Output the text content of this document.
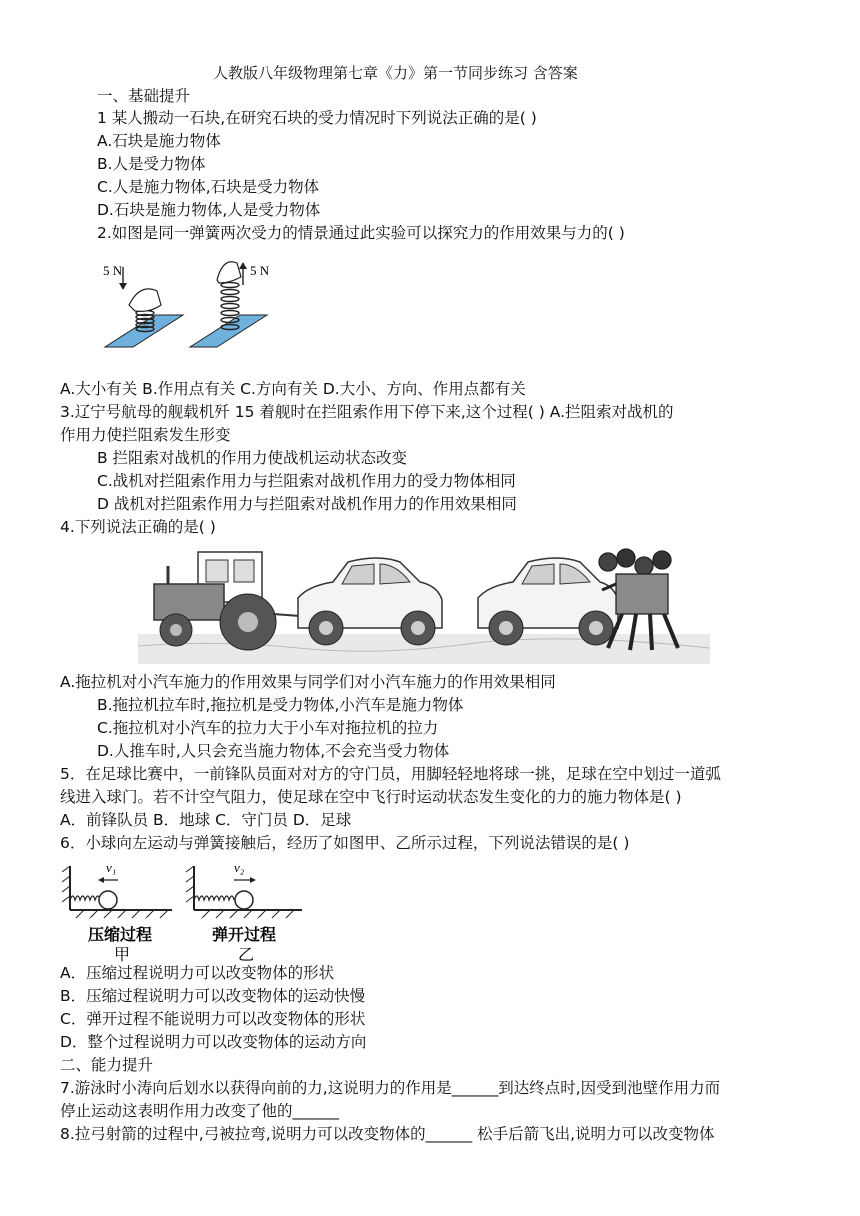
人教版八年级物理第七章《力》第一节同步练习 含答案
一、基础提升
1 某人搬动一石块,在研究石块的受力情况时下列说法正确的是( )
A.石块是施力物体
B.人是受力物体
C.人是施力物体,石块是受力物体
D.石块是施力物体,人是受力物体
2.如图是同一弹簧两次受力的情景通过此实验可以探究力的作用效果与力的( )
5 N	5 N
A.大小有关 B.作用点有关 C.方向有关 D.大小、方向、作用点都有关
3.辽宁号航母的舰载机歼 15 着舰时在拦阻索作用下停下来,这个过程( ) A.拦阻索对战机的
作用力使拦阻索发生形变
B 拦阻索对战机的作用力使战机运动状态改变
C.战机对拦阻索作用力与拦阻索对战机作用力的受力物体相同
D 战机对拦阻索作用力与拦阻索对战机作用力的作用效果相同
4.下列说法正确的是( )
A.拖拉机对小汽车施力的作用效果与同学们对小汽车施力的作用效果相同
B.拖拉机拉车时,拖拉机是受力物体,小汽车是施力物体
C.拖拉机对小汽车的拉力大于小车对拖拉机的拉力
D.人推车时,人只会充当施力物体,不会充当受力物体
5．在足球比赛中，一前锋队员面对对方的守门员，用脚轻轻地将球一挑，足球在空中划过一道弧
线进入球门。若不计空气阻力，使足球在空中飞行时运动状态发生变化的力的施力物体是( )
A．前锋队员 B．地球 C．守门员 D．足球
6．小球向左运动与弹簧接触后，经历了如图甲、乙所示过程，下列说法错误的是( )
v₁
压缩过程
甲
v₂
弹开过程
乙
A．压缩过程说明力可以改变物体的形状
B．压缩过程说明力可以改变物体的运动快慢
C．弹开过程不能说明力可以改变物体的形状
D．整个过程说明力可以改变物体的运动方向
二、能力提升
7.游泳时小涛向后划水以获得向前的力,这说明力的作用是______到达终点时,因受到池壁作用力而
停止运动这表明作用力改变了他的______
8.拉弓射箭的过程中,弓被拉弯,说明力可以改变物体的______ 松手后箭飞出,说明力可以改变物体
